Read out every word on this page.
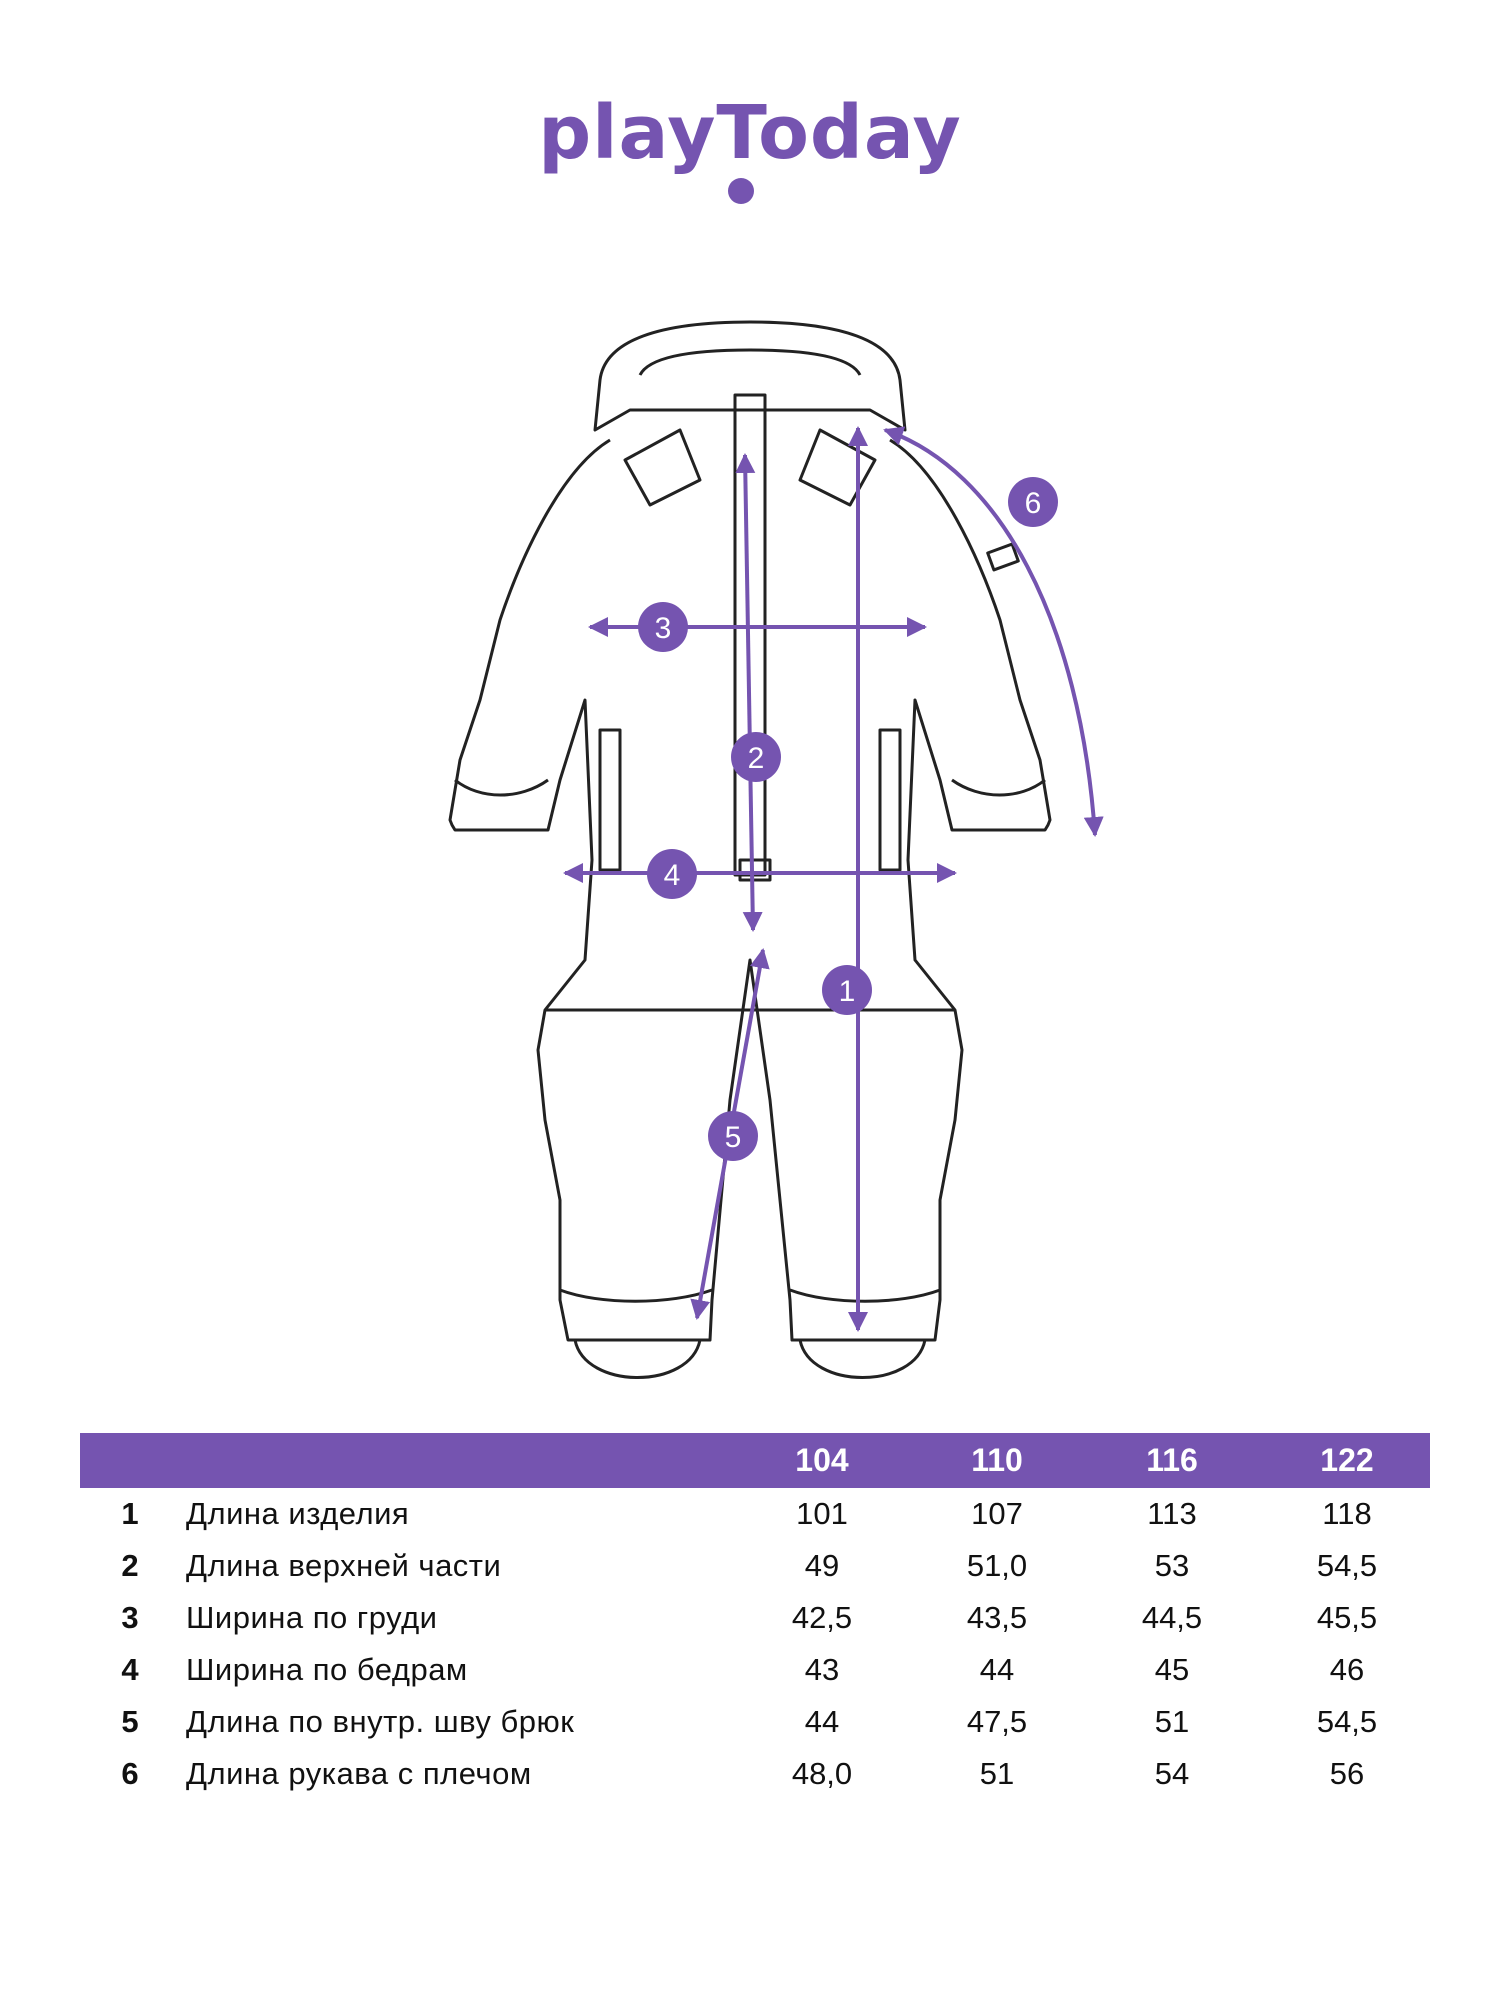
playToday
1
2
3
4
5
6
104	110	116	122
1	Длина изделия	101	107	113	118
2	Длина верхней части	49	51,0	53	54,5
3	Ширина по груди	42,5	43,5	44,5	45,5
4	Ширина по бедрам	43	44	45	46
5	Длина по внутр. шву брюк	44	47,5	51	54,5
6	Длина рукава с плечом	48,0	51	54	56
